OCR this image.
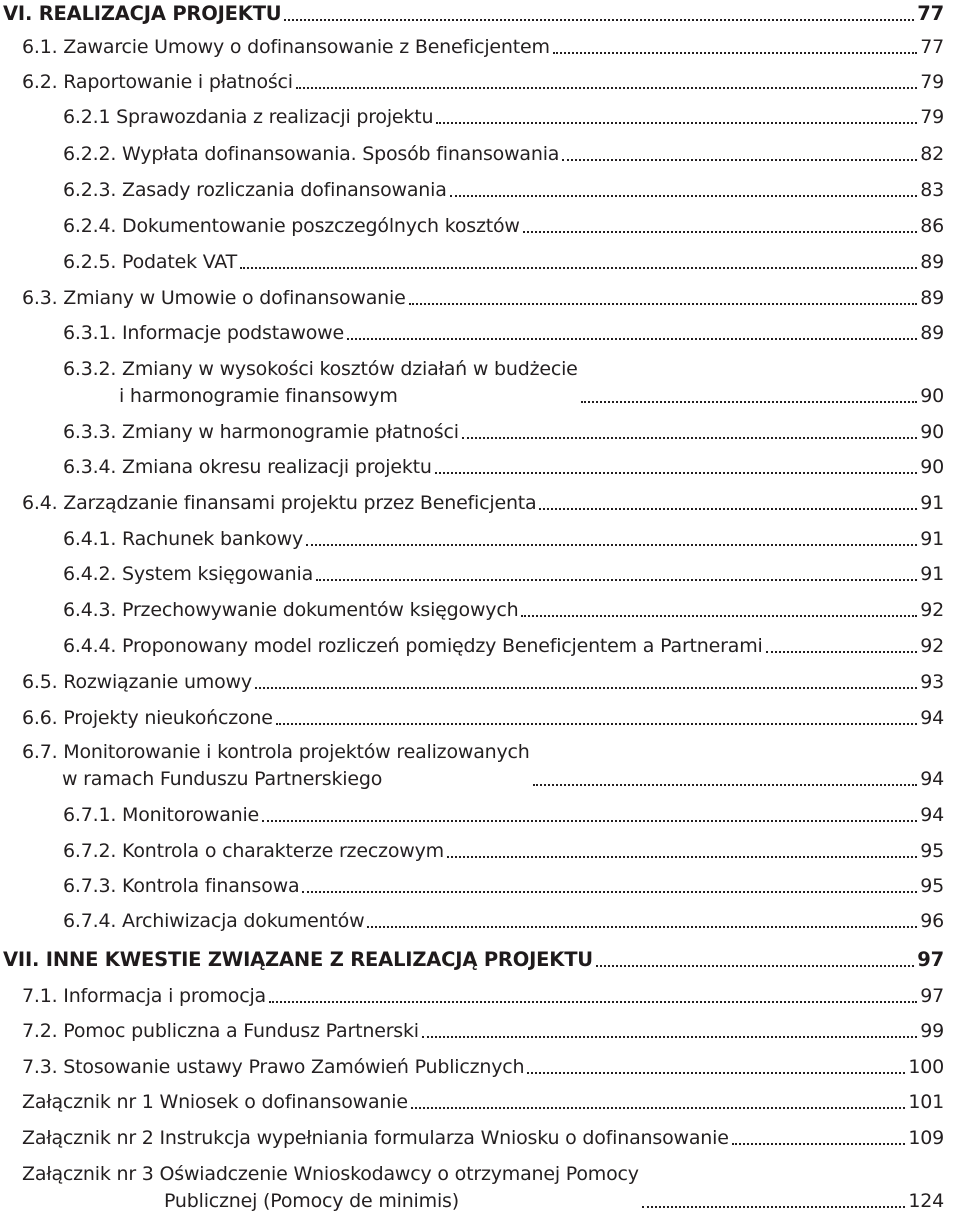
VI. REALIZACJA PROJEKTU	77
6.1. Zawarcie Umowy o dofinansowanie z Beneficjentem	77
6.2. Raportowanie i płatności	79
6.2.1 Sprawozdania z realizacji projektu	79
6.2.2. Wypłata dofinansowania. Sposób finansowania	82
6.2.3. Zasady rozliczania dofinansowania	83
6.2.4. Dokumentowanie poszczególnych kosztów	86
6.2.5. Podatek VAT	89
6.3. Zmiany w Umowie o dofinansowanie	89
6.3.1. Informacje podstawowe	89
6.3.2. Zmiany w wysokości kosztów działań w budżecie
i harmonogramie finansowym	90
6.3.3. Zmiany w harmonogramie płatności	90
6.3.4. Zmiana okresu realizacji projektu	90
6.4. Zarządzanie finansami projektu przez Beneficjenta	91
6.4.1. Rachunek bankowy	91
6.4.2. System księgowania	91
6.4.3. Przechowywanie dokumentów księgowych	92
6.4.4. Proponowany model rozliczeń pomiędzy Beneficjentem a Partnerami	92
6.5. Rozwiązanie umowy	93
6.6. Projekty nieukończone	94
6.7. Monitorowanie i kontrola projektów realizowanych
w ramach Funduszu Partnerskiego	94
6.7.1. Monitorowanie	94
6.7.2. Kontrola o charakterze rzeczowym	95
6.7.3. Kontrola finansowa	95
6.7.4. Archiwizacja dokumentów	96
VII. INNE KWESTIE ZWIĄZANE Z REALIZACJĄ PROJEKTU	97
7.1. Informacja i promocja	97
7.2. Pomoc publiczna a Fundusz Partnerski	99
7.3. Stosowanie ustawy Prawo Zamówień Publicznych	100
Załącznik nr 1 Wniosek o dofinansowanie	101
Załącznik nr 2 Instrukcja wypełniania formularza Wniosku o dofinansowanie	109
Załącznik nr 3 Oświadczenie Wnioskodawcy o otrzymanej Pomocy
Publicznej (Pomocy de minimis)	124
